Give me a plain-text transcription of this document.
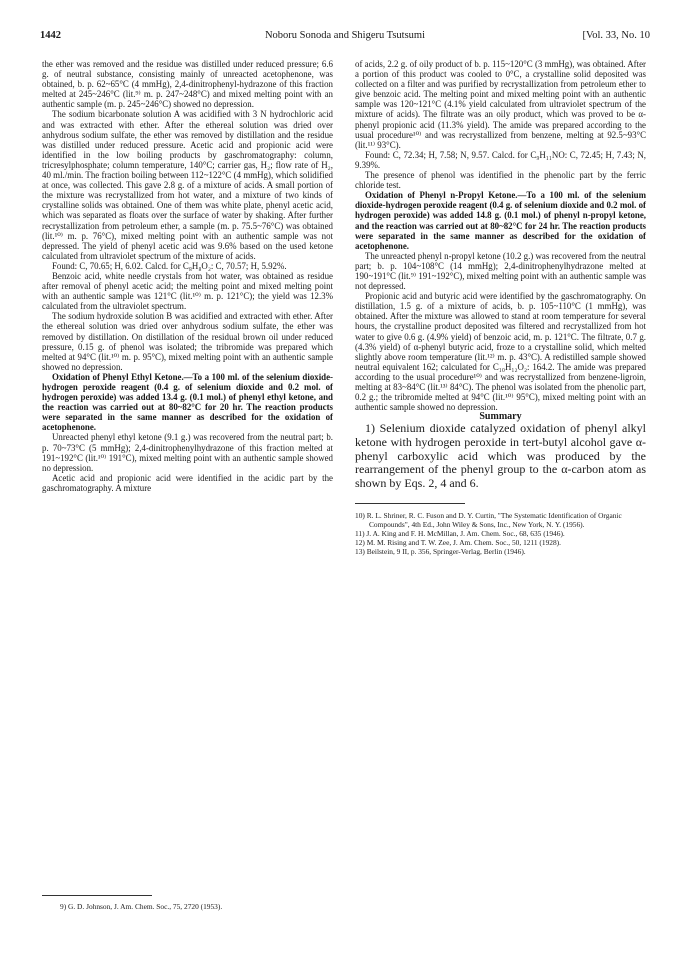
1442	Noboru Sonoda and Shigeru Tsutsumi	[Vol. 33, No. 10

the ether was removed and the residue was distilled under reduced pressure; 6.6 g. of neutral substance, consisting mainly of unreacted acetophenone, was obtained, b. p. 62~65°C (4 mmHg), 2,4-dinitrophenyl-hydrazone of this fraction melted at 245~246°C (lit.⁹⁾ m. p. 247~248°C) and mixed melting point with an authentic sample (m. p. 245~246°C) showed no depression.

The sodium bicarbonate solution A was acidified with 3 N hydrochloric acid and was extracted with ether. After the ethereal solution was dried over anhydrous sodium sulfate, the ether was removed by distillation and the residue was distilled under reduced pressure. Acetic acid and propionic acid were identified in the low boiling products by gaschromatography: column, tricresylphosphate; column temperature, 140°C; carrier gas, H₂; flow rate of H₂, 40 ml./min. The fraction boiling between 112~122°C (4 mmHg), which solidified at once, was collected. This gave 2.8 g. of a mixture of acids. A small portion of the mixture was recrystallized from hot water, and a mixture of two kinds of crystalline solids was obtained. One of them was white plate, phenyl acetic acid, which was separated as floats over the surface of water by shaking. After further recrystallization from petroleum ether, a sample (m. p. 75.5~76°C) was obtained (lit.¹⁰⁾ m. p. 76°C), mixed melting point with an authentic sample was not depressed. The yield of phenyl acetic acid was 9.6% based on the used ketone calculated from ultraviolet spectrum of the mixture of acids.

Found: C, 70.65; H, 6.02. Calcd. for C₈H₈O₂: C, 70.57; H, 5.92%.

Benzoic acid, white needle crystals from hot water, was obtained as residue after removal of phenyl acetic acid; the melting point and mixed melting point with an authentic sample was 121°C (lit.¹⁰⁾ m. p. 121°C); the yield was 12.3% calculated from the ultraviolet spectrum.

The sodium hydroxide solution B was acidified and extracted with ether. After the ethereal solution was dried over anhydrous sodium sulfate, the ether was removed by distillation. On distillation of the residual brown oil under reduced pressure, 0.15 g. of phenol was isolated; the tribromide was prepared which melted at 94°C (lit.¹⁰⁾ m. p. 95°C), mixed melting point with an authentic sample showed no depression.

Oxidation of Phenyl Ethyl Ketone.—To a 100 ml. of the selenium dioxide-hydrogen peroxide reagent (0.4 g. of selenium dioxide and 0.2 mol. of hydrogen peroxide) was added 13.4 g. (0.1 mol.) of phenyl ethyl ketone, and the reaction was carried out at 80~82°C for 20 hr. The reaction products were separated in the same manner as described for the oxidation of acetophenone.

Unreacted phenyl ethyl ketone (9.1 g.) was recovered from the neutral part; b. p. 70~73°C (5 mmHg); 2,4-dinitrophenylhydrazone of this fraction melted at 191~192°C (lit.¹⁰⁾ 191°C), mixed melting point with an authentic sample showed no depression.

Acetic acid and propionic acid were identified in the acidic part by the gaschromatography. A mixture

9) G. D. Johnson, J. Am. Chem. Soc., 75, 2720 (1953).

of acids, 2.2 g. of oily product of b. p. 115~120°C (3 mmHg), was obtained. After a portion of this product was cooled to 0°C, a crystalline solid deposited was collected on a filter and was purified by recrystallization from petroleum ether to give benzoic acid. The melting point and mixed melting point with an authentic sample was 120~121°C (4.1% yield calculated from ultraviolet spectrum of the mixture of acids). The filtrate was an oily product, which was proved to be α-phenyl propionic acid (11.3% yield). The amide was prepared according to the usual procedure¹⁰⁾ and was recrystallized from benzene, melting at 92.5~93°C (lit.¹¹⁾ 93°C).

Found: C, 72.34; H, 7.58; N, 9.57. Calcd. for C₉H₁₁NO: C, 72.45; H, 7.43; N, 9.39%.

The presence of phenol was identified in the phenolic part by the ferric chloride test.

Oxidation of Phenyl n-Propyl Ketone.—To a 100 ml. of the selenium dioxide-hydrogen peroxide reagent (0.4 g. of selenium dioxide and 0.2 mol. of hydrogen peroxide) was added 14.8 g. (0.1 mol.) of phenyl n-propyl ketone, and the reaction was carried out at 80~82°C for 24 hr. The reaction products were separated in the same manner as described for the oxidation of acetophenone.

The unreacted phenyl n-propyl ketone (10.2 g.) was recovered from the neutral part; b. p. 104~108°C (14 mmHg); 2,4-dinitrophenylhydrazone melted at 190~191°C (lit.⁹⁾ 191~192°C), mixed melting point with an authentic sample was not depressed.

Propionic acid and butyric acid were identified by the gaschromatography. On distillation, 1.5 g. of a mixture of acids, b. p. 105~110°C (1 mmHg), was obtained. After the mixture was allowed to stand at room temperature for several hours, the crystalline product deposited was filtered and recrystallized from hot water to give 0.6 g. (4.9% yield) of benzoic acid, m. p. 121°C. The filtrate, 0.7 g. (4.3% yield) of α-phenyl butyric acid, froze to a crystalline solid, which melted slightly above room temperature (lit.¹²⁾ m. p. 43°C). A redistilled sample showed neutral equivalent 162; calculated for C₁₀H₁₂O₂: 164.2. The amide was prepared according to the usual procedure¹⁰⁾ and was recrystallized from benzene-ligroin, melting at 83~84°C (lit.¹³⁾ 84°C). The phenol was isolated from the phenolic part, 0.2 g.; the tribromide melted at 94°C (lit.¹⁰⁾ 95°C), mixed melting point with an authentic sample showed no depression.

Summary

1) Selenium dioxide catalyzed oxidation of phenyl alkyl ketone with hydrogen peroxide in tert-butyl alcohol gave α-phenyl carboxylic acid which was produced by the rearrangement of the phenyl group to the α-carbon atom as shown by Eqs. 2, 4 and 6.

10) R. L. Shriner, R. C. Fuson and D. Y. Curtin, "The Systematic Identification of Organic Compounds", 4th Ed., John Wiley & Sons, Inc., New York, N. Y. (1956).

11) J. A. King and F. H. McMillan, J. Am. Chem. Soc., 68, 635 (1946).

12) M. M. Rising and T. W. Zee, J. Am. Chem. Soc., 50, 1211 (1928).

13) Beilstein, 9 II, p. 356, Springer-Verlag, Berlin (1946).
